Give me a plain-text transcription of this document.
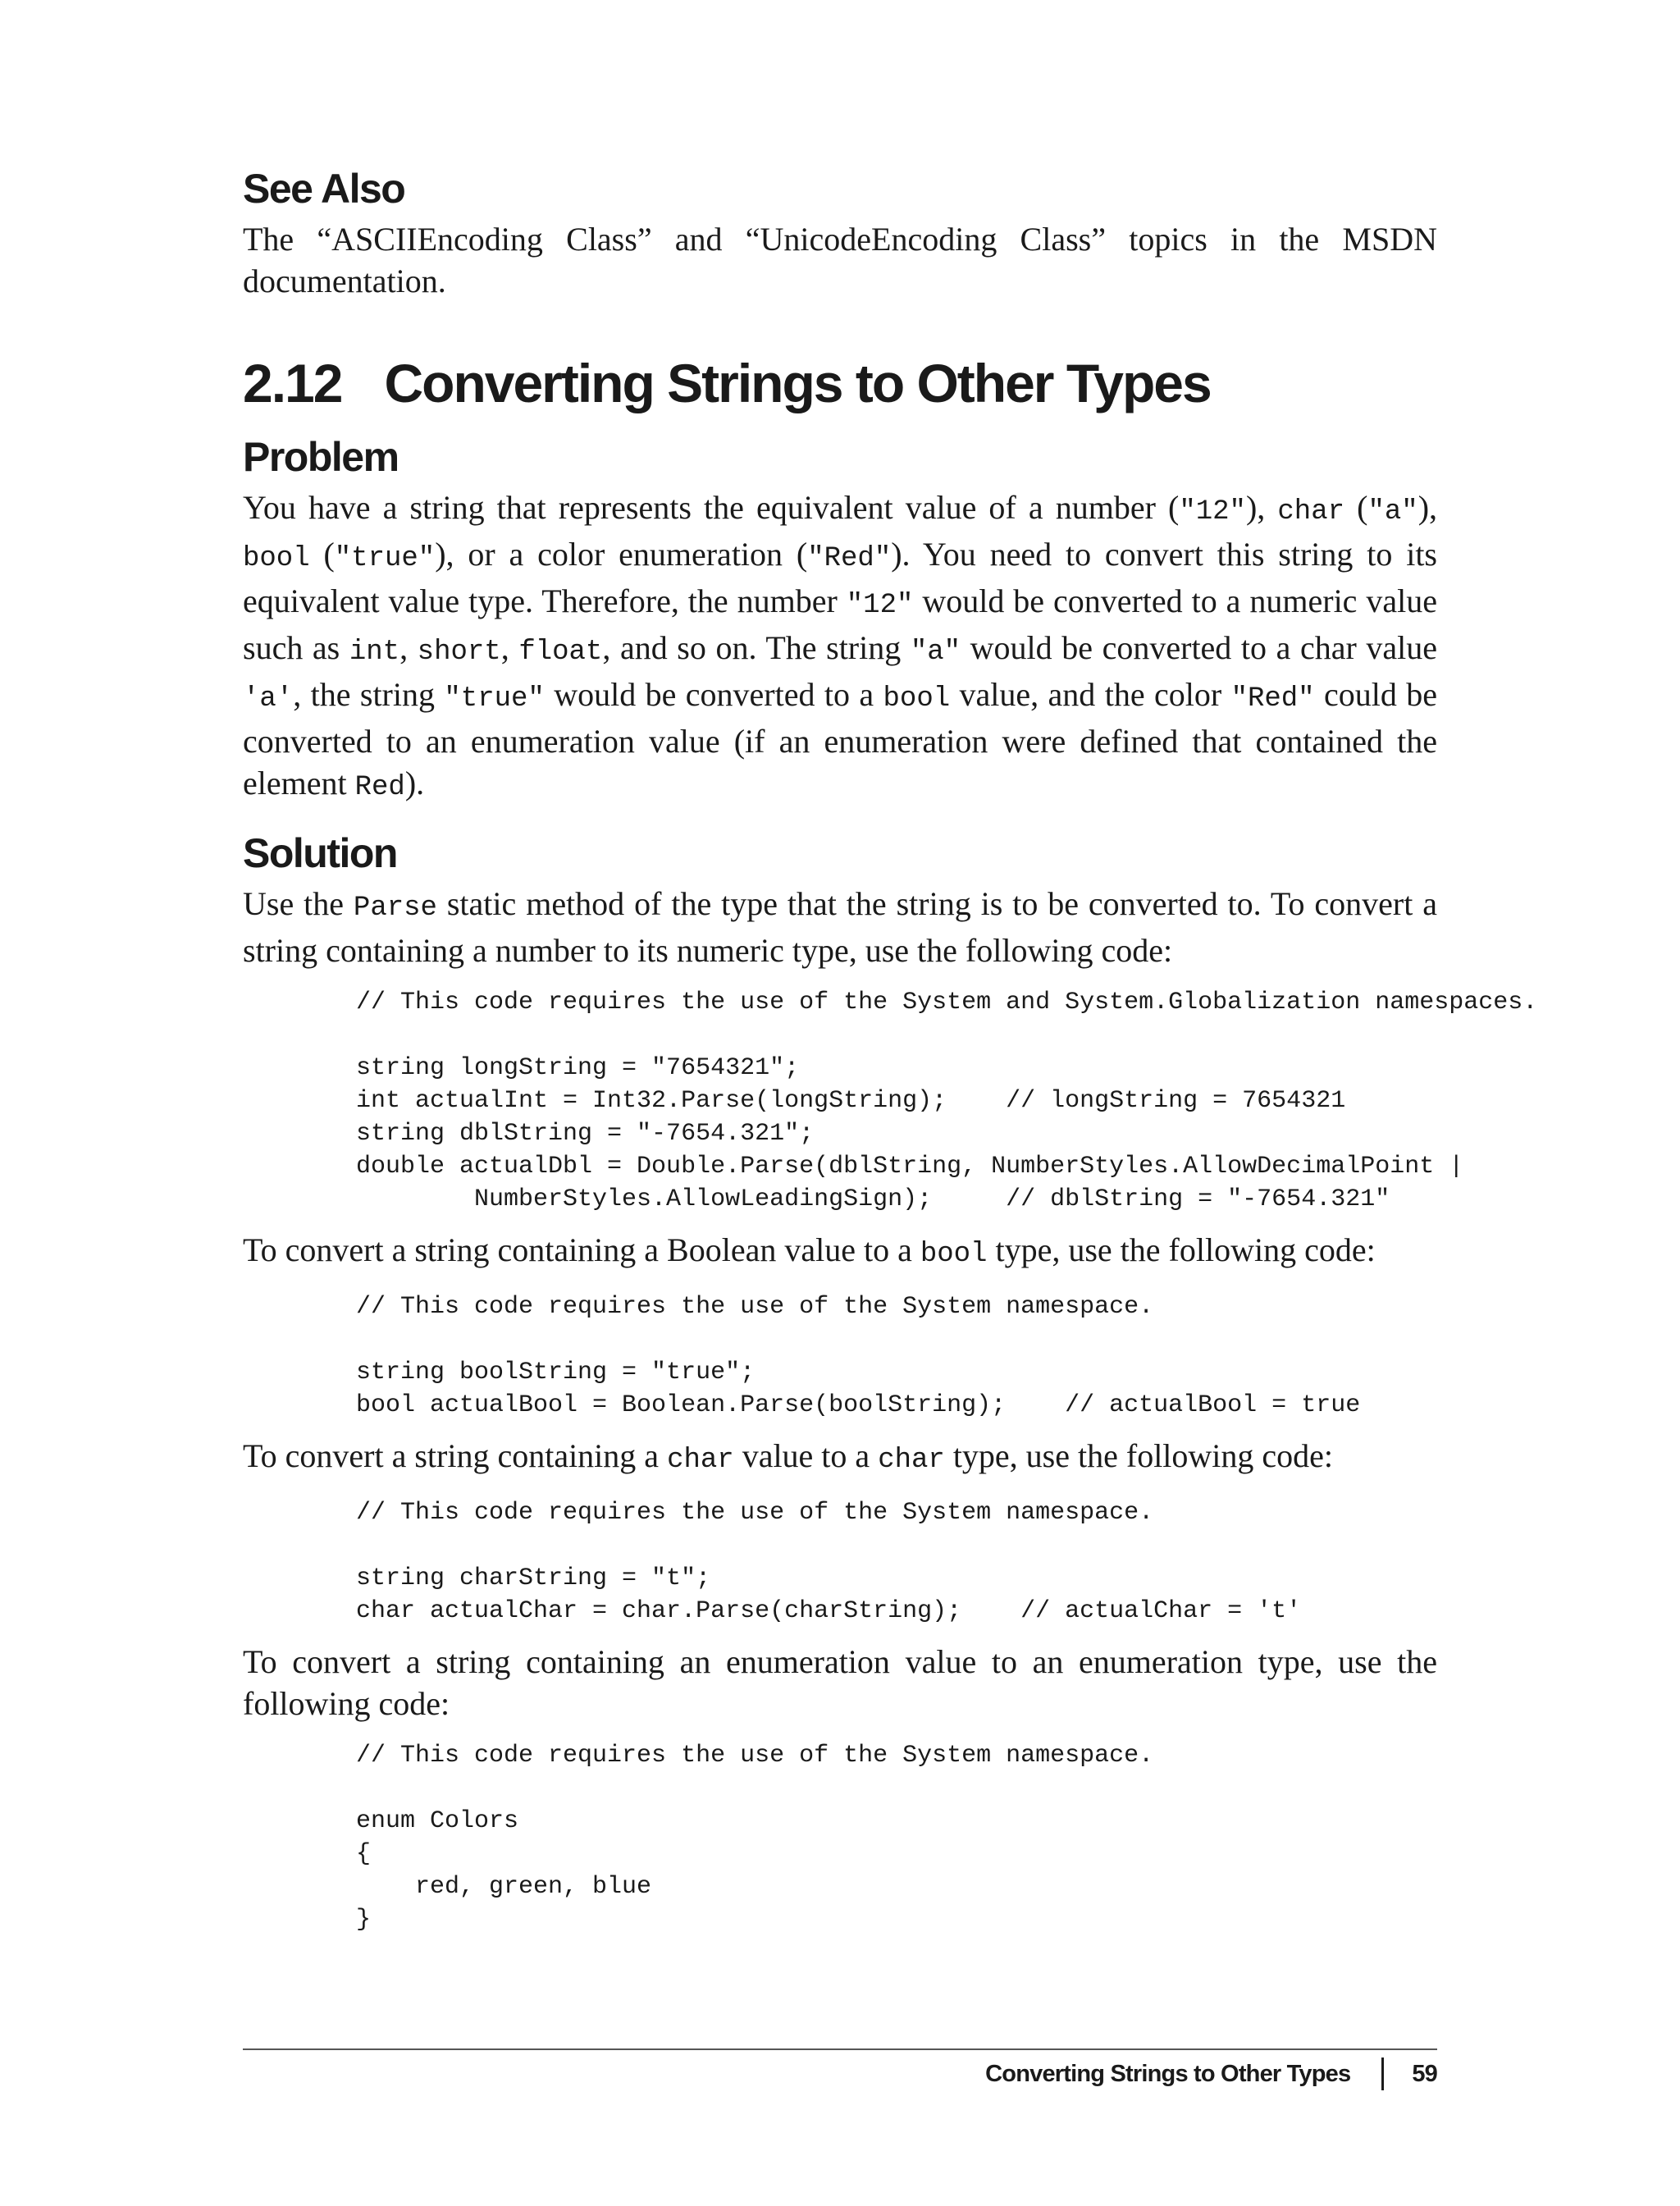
See Also

The “ASCIIEncoding Class” and “UnicodeEncoding Class” topics in the MSDN documentation.

2.12 Converting Strings to Other Types
Problem

You have a string that represents the equivalent value of a number ("12"), char ("a"), bool ("true"), or a color enumeration ("Red"). You need to convert this string to its equivalent value type. Therefore, the number "12" would be converted to a numeric value such as int, short, float, and so on. The string "a" would be converted to a char value 'a', the string "true" would be converted to a bool value, and the color "Red" could be converted to an enumeration value (if an enumeration were defined that contained the element Red).

Solution

Use the Parse static method of the type that the string is to be converted to. To convert a string containing a number to its numeric type, use the following code:

// This code requires the use of the System and System.Globalization namespaces.

string longString = "7654321";
int actualInt = Int32.Parse(longString);    // longString = 7654321
string dblString = "-7654.321";
double actualDbl = Double.Parse(dblString, NumberStyles.AllowDecimalPoint |
NumberStyles.AllowLeadingSign);     // dblString = "-7654.321"

To convert a string containing a Boolean value to a bool type, use the following code:

// This code requires the use of the System namespace.

string boolString = "true";
bool actualBool = Boolean.Parse(boolString);    // actualBool = true

To convert a string containing a char value to a char type, use the following code:

// This code requires the use of the System namespace.

string charString = "t";
char actualChar = char.Parse(charString);    // actualChar = 't'

To convert a string containing an enumeration value to an enumeration type, use the following code:

// This code requires the use of the System namespace.

enum Colors
{
red, green, blue
}
Converting Strings to Other Types	59
